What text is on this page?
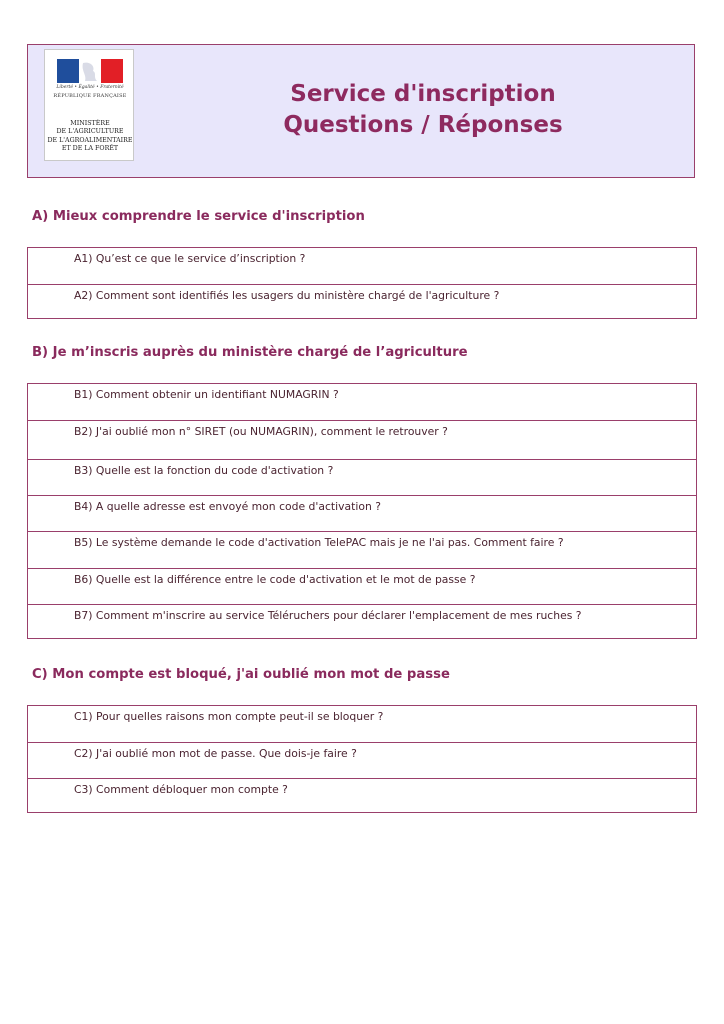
Liberté • Égalité • Fraternité
RÉPUBLIQUE FRANÇAISE
MINISTÈRE
DE L'AGRICULTURE
DE L'AGROALIMENTAIRE
ET DE LA FORÊT
Service d'inscription
Questions / Réponses
A) Mieux comprendre le service d'inscription
A1) Qu’est ce que le service d’inscription ?
A2) Comment sont identifiés les usagers du ministère chargé de l'agriculture ?
B) Je m’inscris auprès du ministère chargé de l’agriculture
B1) Comment obtenir un identifiant NUMAGRIN ?
B2) J'ai oublié mon n° SIRET (ou NUMAGRIN), comment le retrouver ?
B3) Quelle est la fonction du code d'activation ?
B4) A quelle adresse est envoyé mon code d'activation ?
B5) Le système demande le code d'activation TelePAC mais je ne l'ai pas. Comment faire ?
B6) Quelle est la différence entre le code d'activation et le mot de passe ?
B7) Comment m'inscrire au service Téléruchers pour déclarer l'emplacement de mes ruches ?
C) Mon compte est bloqué, j'ai oublié mon mot de passe
C1) Pour quelles raisons mon compte peut-il se bloquer ?
C2) J'ai oublié mon mot de passe. Que dois-je faire ?
C3) Comment débloquer mon compte ?
